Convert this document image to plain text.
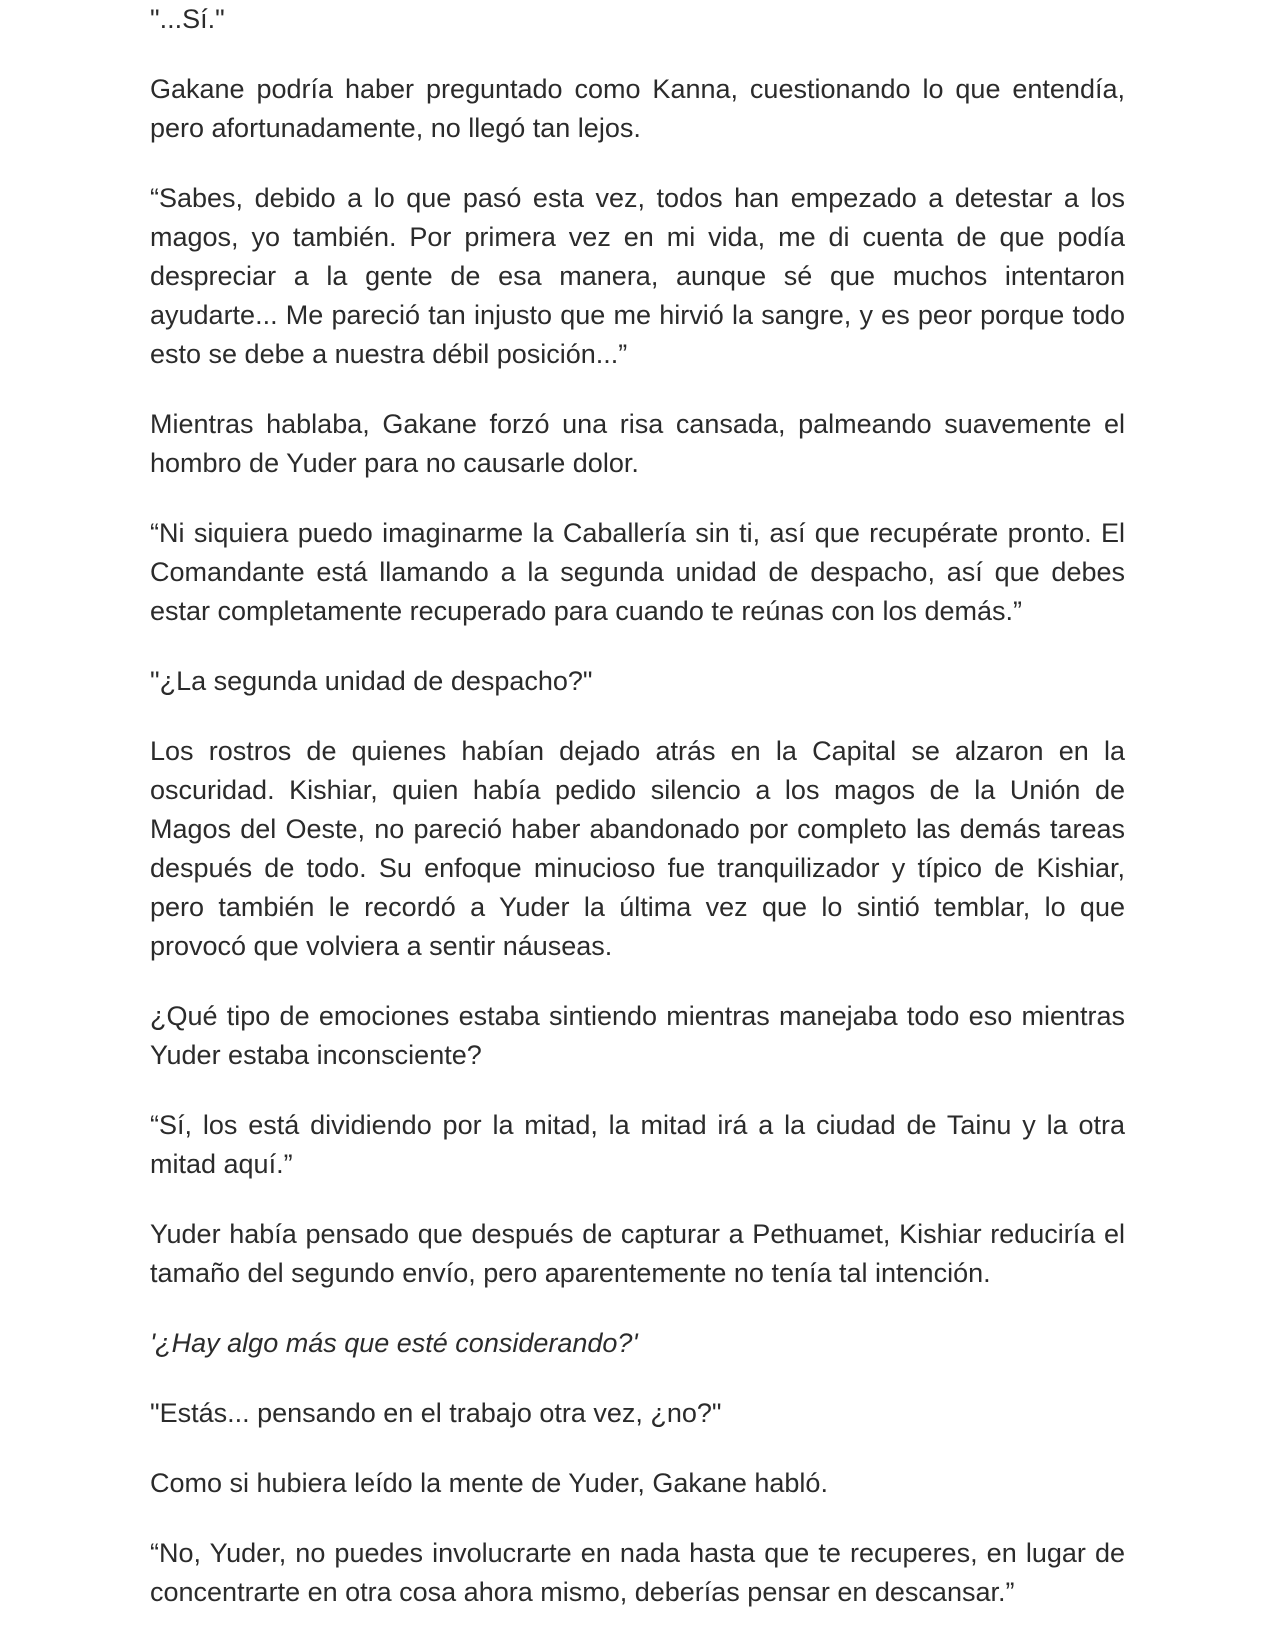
"...Sí."

Gakane podría haber preguntado como Kanna, cuestionando lo que entendía, pero afortunadamente, no llegó tan lejos.

“Sabes, debido a lo que pasó esta vez, todos han empezado a detestar a los magos, yo también. Por primera vez en mi vida, me di cuenta de que podía despreciar a la gente de esa manera, aunque sé que muchos intentaron ayudarte... Me pareció tan injusto que me hirvió la sangre, y es peor porque todo esto se debe a nuestra débil posición...”

Mientras hablaba, Gakane forzó una risa cansada, palmeando suavemente el hombro de Yuder para no causarle dolor.

“Ni siquiera puedo imaginarme la Caballería sin ti, así que recupérate pronto. El Comandante está llamando a la segunda unidad de despacho, así que debes estar completamente recuperado para cuando te reúnas con los demás.”

"¿La segunda unidad de despacho?"

Los rostros de quienes habían dejado atrás en la Capital se alzaron en la oscuridad. Kishiar, quien había pedido silencio a los magos de la Unión de Magos del Oeste, no pareció haber abandonado por completo las demás tareas después de todo. Su enfoque minucioso fue tranquilizador y típico de Kishiar, pero también le recordó a Yuder la última vez que lo sintió temblar, lo que provocó que volviera a sentir náuseas.

¿Qué tipo de emociones estaba sintiendo mientras manejaba todo eso mientras Yuder estaba inconsciente?

“Sí, los está dividiendo por la mitad, la mitad irá a la ciudad de Tainu y la otra mitad aquí.”

Yuder había pensado que después de capturar a Pethuamet, Kishiar reduciría el tamaño del segundo envío, pero aparentemente no tenía tal intención.

'¿Hay algo más que esté considerando?'

"Estás... pensando en el trabajo otra vez, ¿no?"

Como si hubiera leído la mente de Yuder, Gakane habló.

“No, Yuder, no puedes involucrarte en nada hasta que te recuperes, en lugar de concentrarte en otra cosa ahora mismo, deberías pensar en descansar.”
